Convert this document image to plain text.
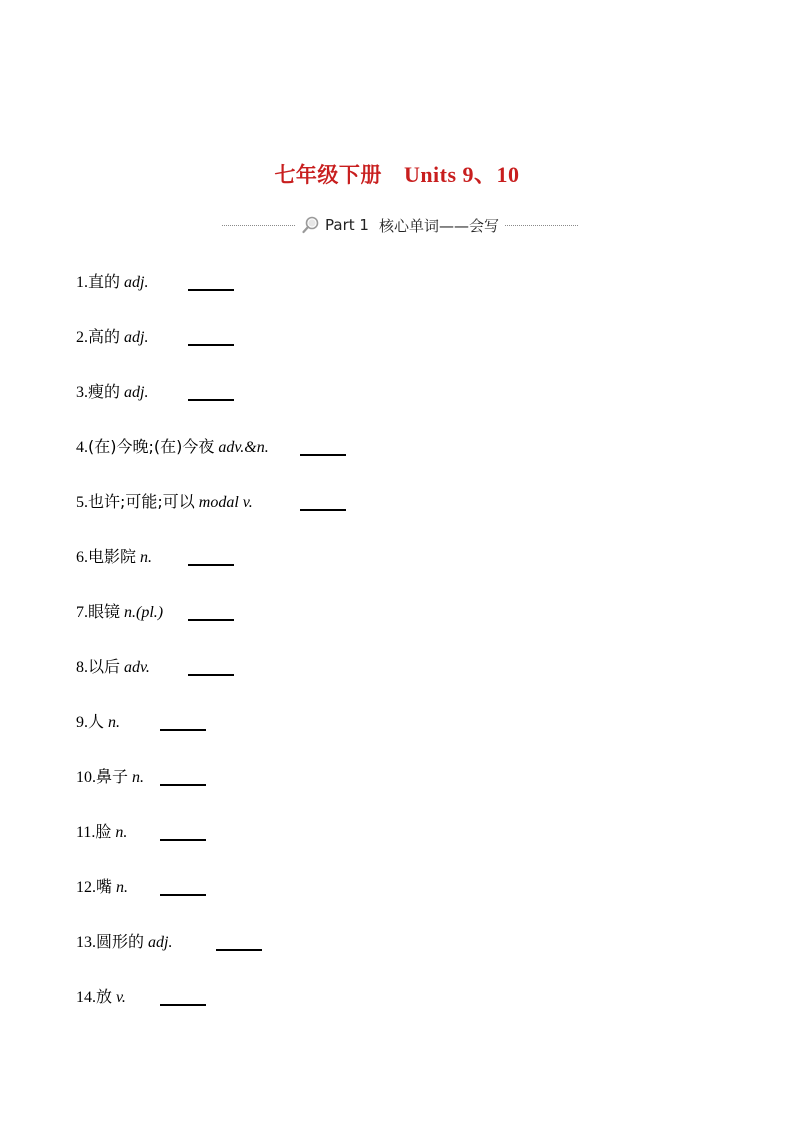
七年级下册 Units 9、10
Part 1 核心单词——会写
1.直的 adj.
2.高的 adj.
3.瘦的 adj.
4.(在)今晚;(在)今夜 adv.&n.
5.也许;可能;可以 modal v.
6.电影院 n.
7.眼镜 n.(pl.)
8.以后 adv.
9.人 n.
10.鼻子 n.
11.脸 n.
12.嘴 n.
13.圆形的 adj.
14.放 v.
